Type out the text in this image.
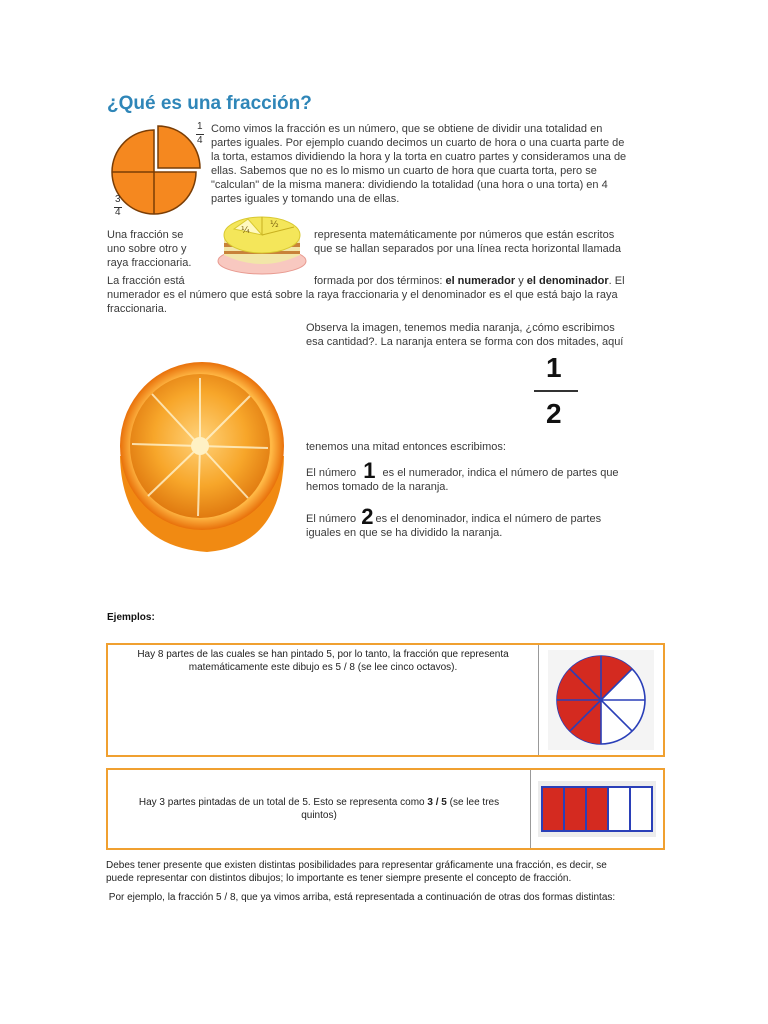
¿Qué es una fracción?
1
4
3
4
Como vimos la fracción es un número, que se obtiene de dividir una totalidad en
partes iguales. Por ejemplo cuando decimos un cuarto de hora o una cuarta parte de
la torta, estamos dividiendo la hora y la torta en cuatro partes y consideramos una de
ellas. Sabemos que no es lo mismo un cuarto de hora que cuarta torta, pero se
"calculan" de la misma manera: dividiendo la totalidad (una hora o una torta) en 4
partes iguales y tomando una de ellas.
¼
½
Una fracción se
uno sobre otro y
raya fraccionaria.
representa matemáticamente por números que están escritos
que se hallan separados por una línea recta horizontal llamada
La fracción está	formada por dos términos: el numerador y el denominador. El
numerador es el número que está sobre la raya fraccionaria y el denominador es el que está bajo la raya
fraccionaria.
Observa la imagen, tenemos media naranja, ¿cómo escribimos
esa cantidad?. La naranja entera se forma con dos mitades, aquí
1
2
tenemos una mitad entonces escribimos:
El número 1 es el numerador, indica el número de partes que
hemos tomado de la naranja.
El número 2 es el denominador, indica el número de partes
iguales en que se ha dividido la naranja.
Ejemplos:
Hay 8 partes de las cuales se han pintado 5, por lo tanto, la fracción que representa
matemáticamente este dibujo es 5 / 8 (se lee cinco octavos).
Hay 3 partes pintadas de un total de 5. Esto se representa como 3 / 5 (se lee tres
quintos)
Debes tener presente que existen distintas posibilidades para representar gráficamente una fracción, es decir, se
puede representar con distintos dibujos; lo importante es tener siempre presente el concepto de fracción.
Por ejemplo, la fracción 5 / 8, que ya vimos arriba, está representada a continuación de otras dos formas distintas:
